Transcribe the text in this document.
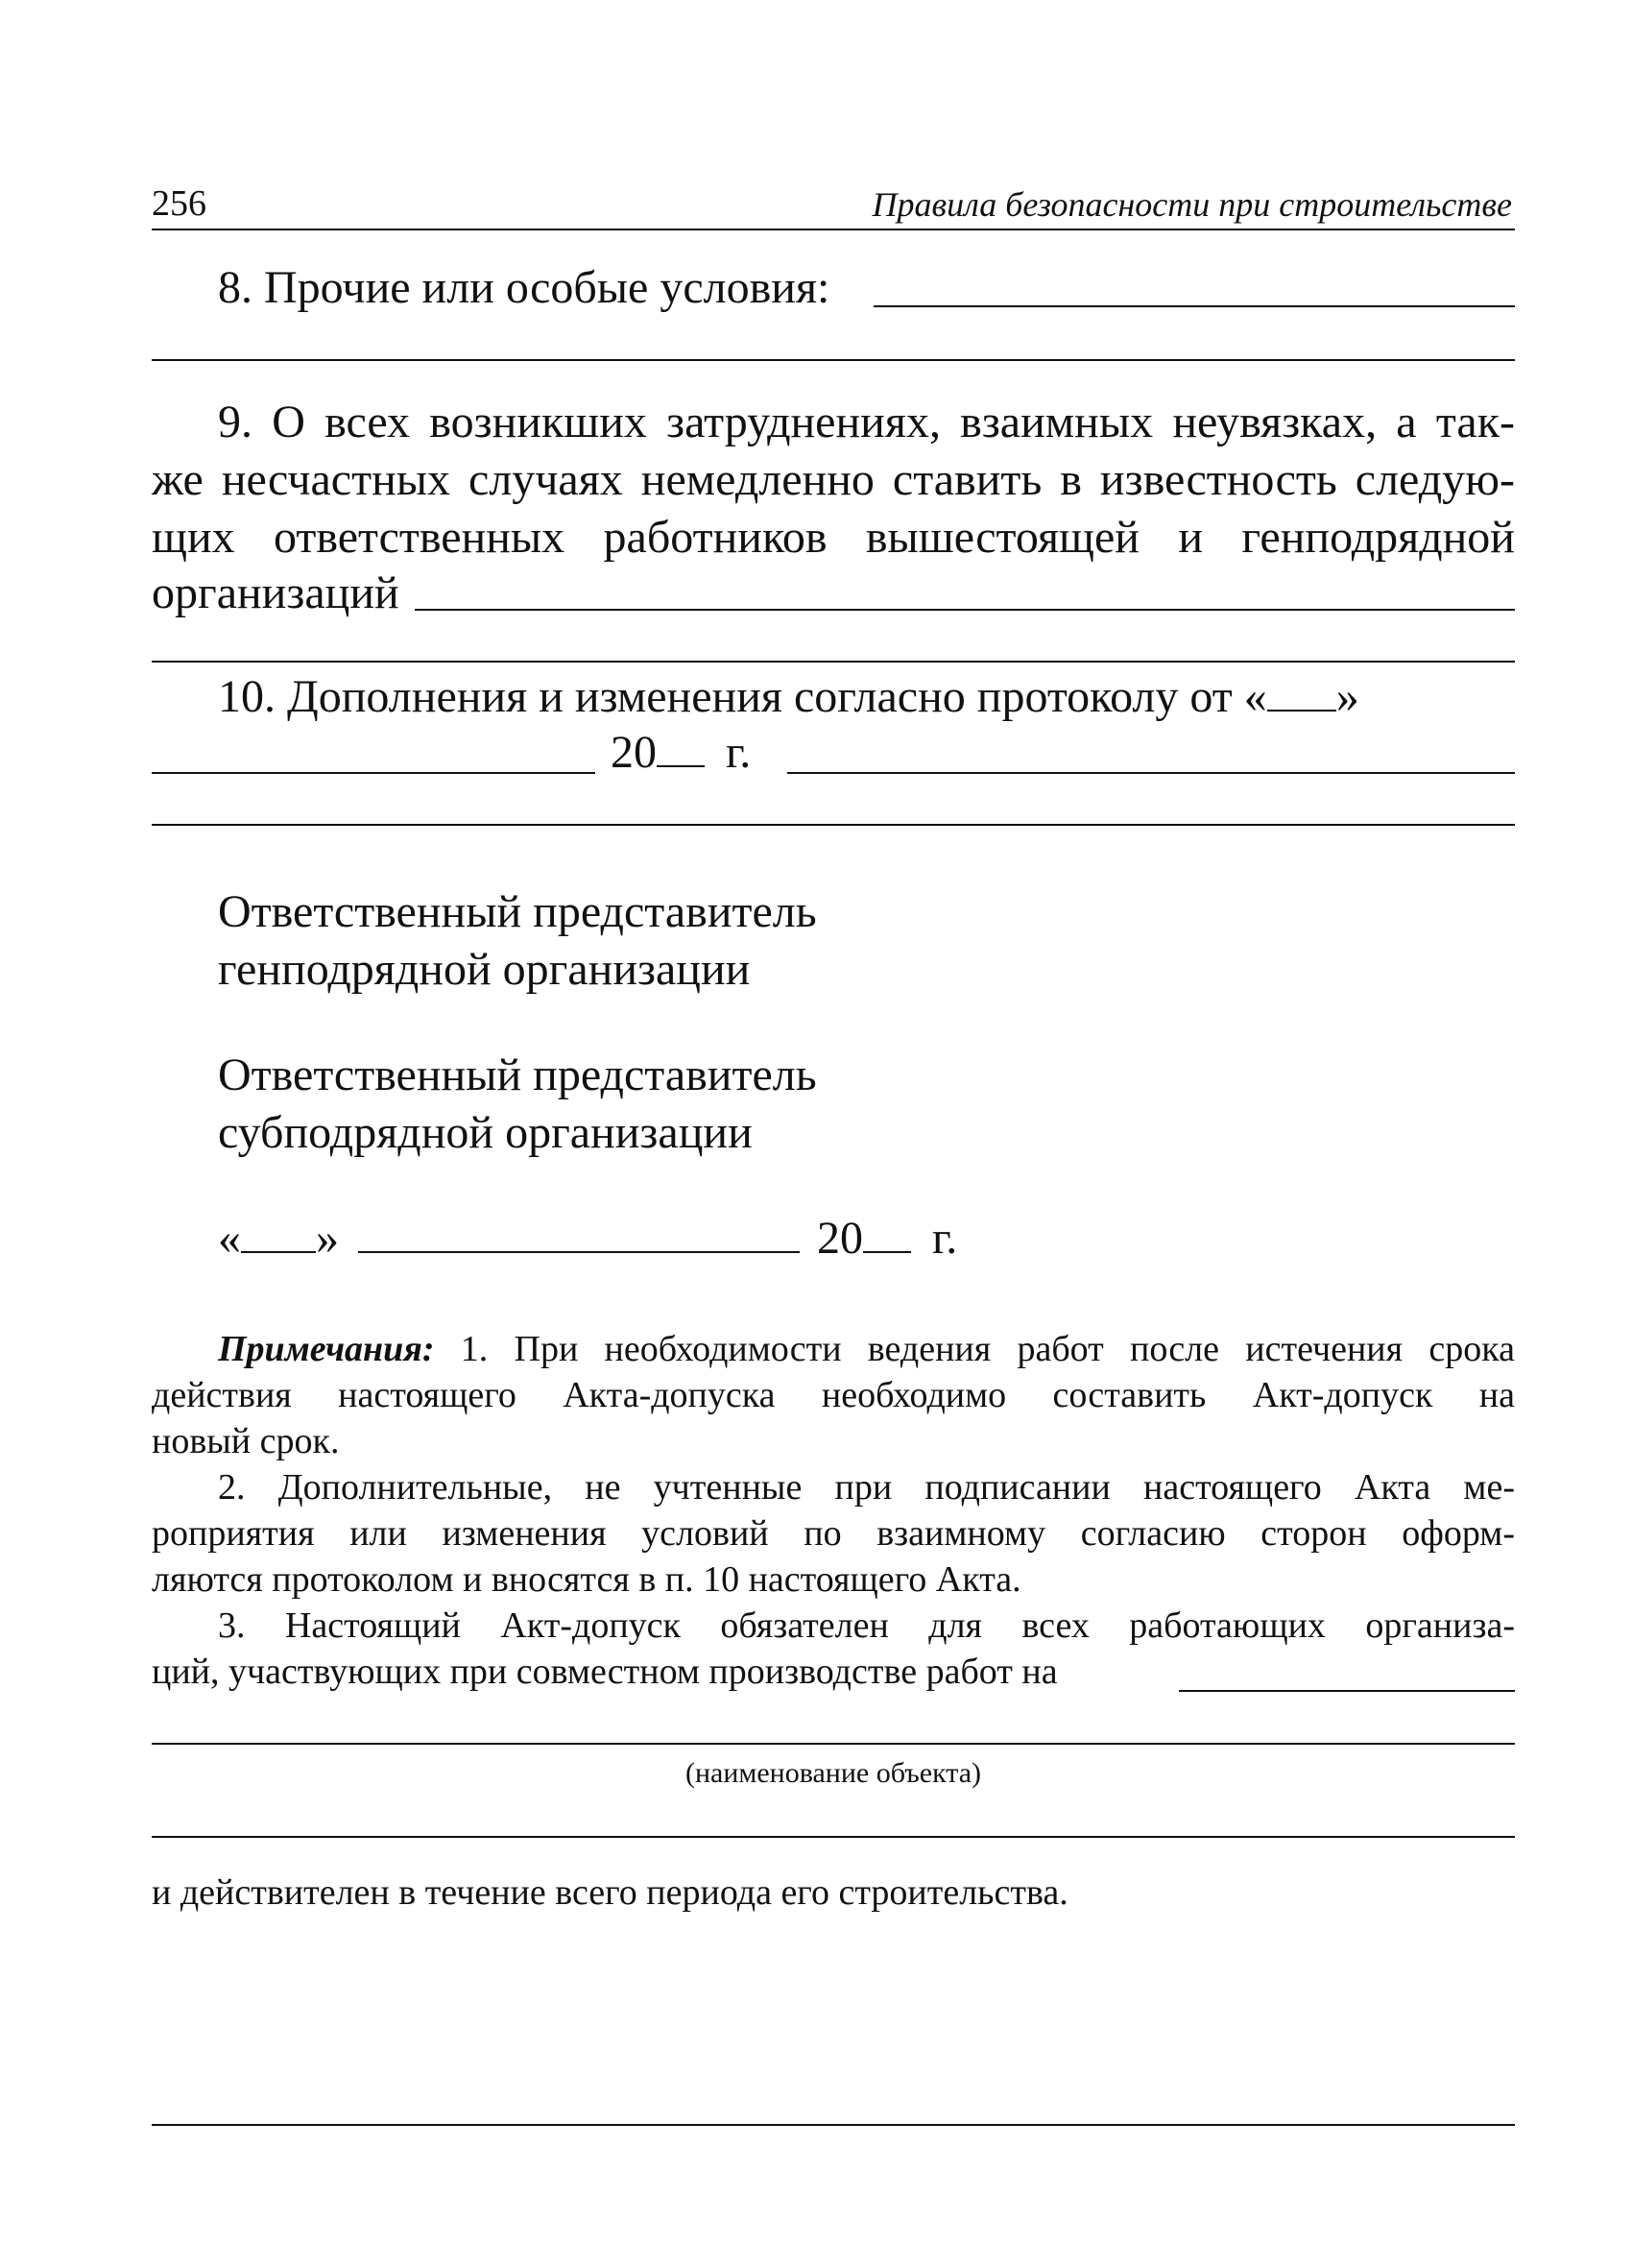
256	Правила безопасности при строительстве
8. Прочие или особые условия:
9. О всех возникших затруднениях, взаимных неувязках, а так-
же несчастных случаях немедленно ставить в известность следую-
щих ответственных работников вышестоящей и генподрядной
организаций
10. Дополнения и изменения согласно протоколу от « »
20 г.
Ответственный представитель
генподрядной организации
Ответственный представитель
субподрядной организации
« »	20 г.
Примечания: 1. При необходимости ведения работ после истечения срока
действия настоящего Акта-допуска необходимо составить Акт-допуск на
новый срок.
2. Дополнительные, не учтенные при подписании настоящего Акта ме-
роприятия или изменения условий по взаимному согласию сторон оформ-
ляются протоколом и вносятся в п. 10 настоящего Акта.
3. Настоящий Акт-допуск обязателен для всех работающих организа-
ций, участвующих при совместном производстве работ на
(наименование объекта)
и действителен в течение всего периода его строительства.
